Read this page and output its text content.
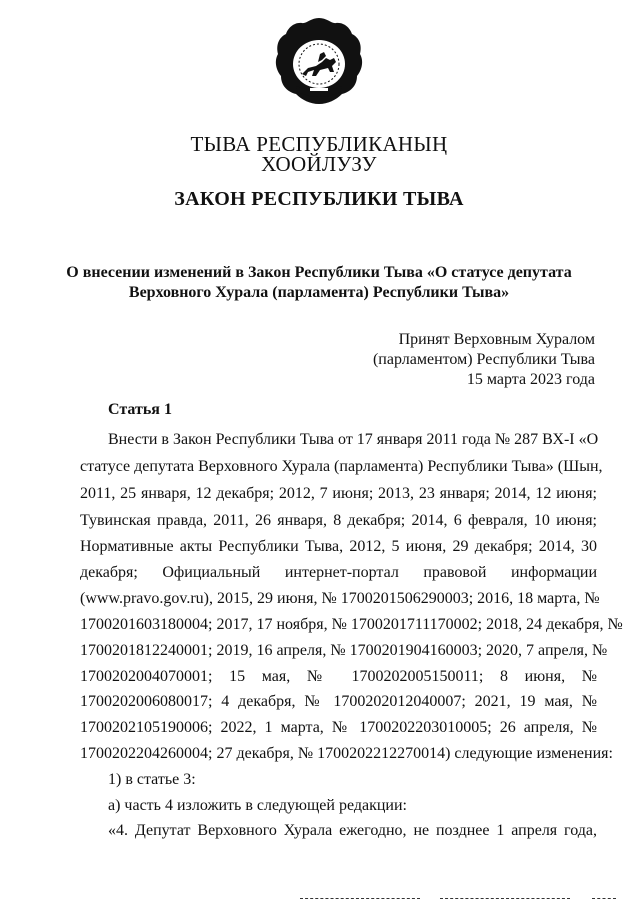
ТЫВА РЕСПУБЛИКАНЫҢ
ХООЙЛУЗУ
ЗАКОН РЕСПУБЛИКИ ТЫВА
О внесении изменений в Закон Республики Тыва «О статусе депутата
Верховного Хурала (парламента) Республики Тыва»
Принят Верховным Хуралом
(парламентом) Республики Тыва
15 марта 2023 года
Статья 1
Внести в Закон Республики Тыва от 17 января 2011 года № 287 ВХ-I «О
статусе депутата Верховного Хурала (парламента) Республики Тыва» (Шын,
2011, 25 января, 12 декабря; 2012, 7 июня; 2013, 23 января; 2014, 12 июня;
Тувинская правда, 2011, 26 января, 8 декабря; 2014, 6 февраля, 10 июня;
Нормативные акты Республики Тыва, 2012, 5 июня, 29 декабря; 2014, 30
декабря; Официальный интернет-портал правовой информации
(www.pravo.gov.ru), 2015, 29 июня, № 1700201506290003; 2016, 18 марта, №
1700201603180004; 2017, 17 ноября, № 1700201711170002; 2018, 24 декабря, №
1700201812240001; 2019, 16 апреля, № 1700201904160003; 2020, 7 апреля, №
1700202004070001; 15 мая, № 1700202005150011; 8 июня, №
1700202006080017; 4 декабря, № 1700202012040007; 2021, 19 мая, №
1700202105190006; 2022, 1 марта, № 1700202203010005; 26 апреля, №
1700202204260004; 27 декабря, № 1700202212270014) следующие изменения:
1) в статье 3:
а) часть 4 изложить в следующей редакции:
«4. Депутат Верховного Хурала ежегодно, не позднее 1 апреля года,
